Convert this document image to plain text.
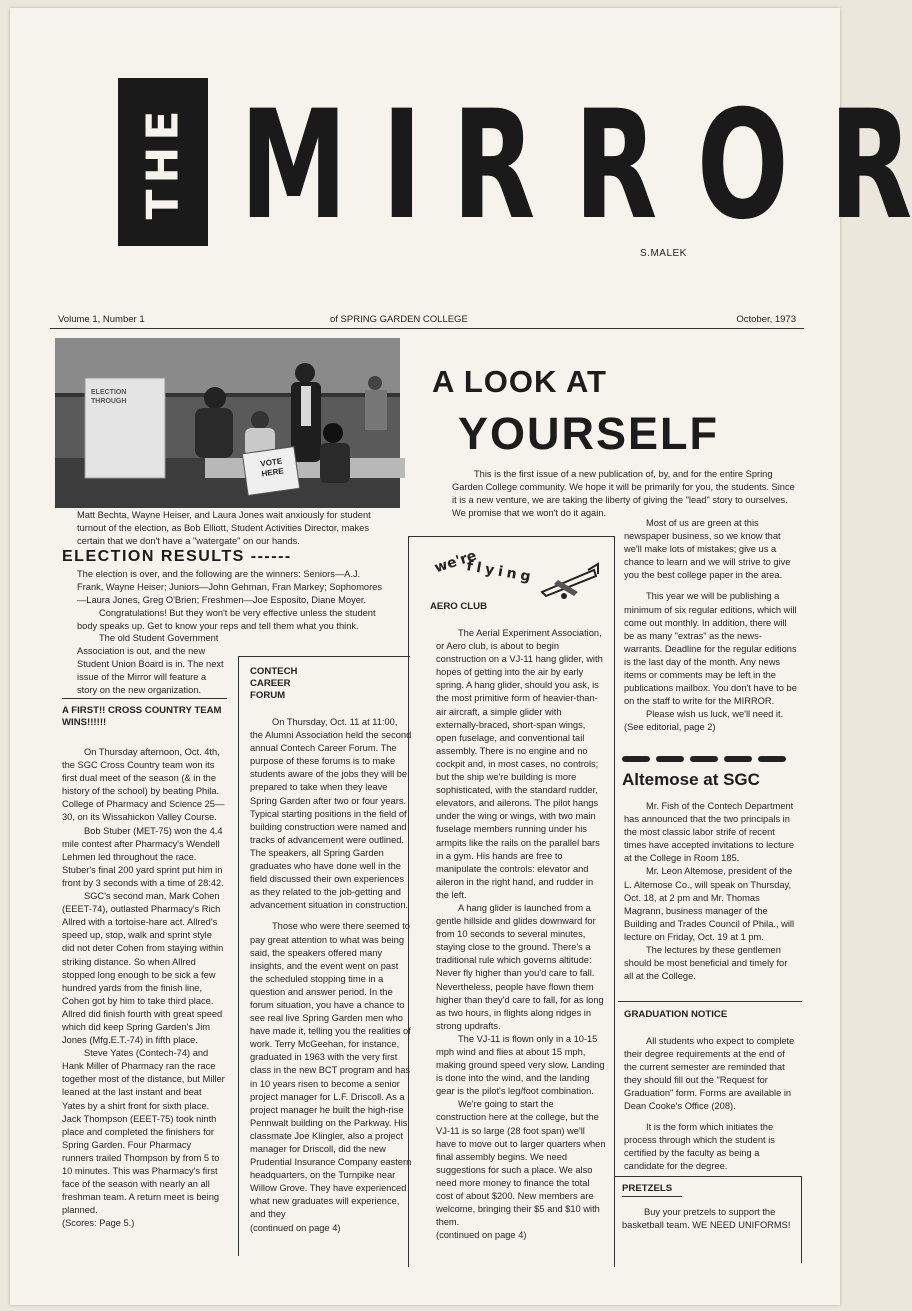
THE M I R R O R
S.MALEK
Volume 1, Number 1	of SPRING GARDEN COLLEGE	October, 1973
ELECTION THROUGH
VOTE HERE
Matt Bechta, Wayne Heiser, and Laura Jones wait anxiously for student turnout of the election, as Bob Elliott, Student Activities Director, makes certain that we don't have a "watergate" on our hands.
ELECTION RESULTS ------

The election is over, and the following are the winners: Seniors—A.J. Frank, Wayne Heiser; Juniors—John Gehman, Fran Markey; Sophomores—Laura Jones, Greg O'Brien; Freshmen—Joe Esposito, Diane Moyer.

Congratulations! But they won't be very effective unless the student body speaks up. Get to know your reps and tell them what you think.

The old Student Government Association is out, and the new Student Union Board is in. The next issue of the Mirror will feature a story on the new organization.

A FIRST!! CROSS COUNTRY TEAM WINS!!!!!!

On Thursday afternoon, Oct. 4th, the SGC Cross Country team won its first dual meet of the season (& in the history of the school) by beating Phila. College of Pharmacy and Science 25—30, on its Wissahickon Valley Course.

Bob Stuber (MET-75) won the 4.4 mile contest after Pharmacy's Wendell Lehmen led throughout the race. Stuber's final 200 yard sprint put him in front by 3 seconds with a time of 28:42.

SGC's second man, Mark Cohen (EEET-74), outlasted Pharmacy's Rich Allred with a tortoise-hare act. Allred's speed up, stop, walk and sprint style did not deter Cohen from staying within striking distance. So when Allred stopped long enough to be sick a few hundred yards from the finish line, Cohen got by him to take third place. Allred did finish fourth with great speed which did keep Spring Garden's Jim Jones (Mfg.E.T.-74) in fifth place.

Steve Yates (Contech-74) and Hank Miller of Pharmacy ran the race together most of the distance, but Miller leaned at the last instant and beat Yates by a shirt front for sixth place. Jack Thompson (EEET-75) took ninth place and completed the finishers for Spring Garden. Four Pharmacy runners trailed Thompson by from 5 to 10 minutes. This was Pharmacy's first face of the season with nearly an all freshman team. A return meet is being planned.

(Scores: Page 5.)

CONTECH CAREER FORUM

On Thursday, Oct. 11 at 11:00, the Alumni Association held the second annual Contech Career Forum. The purpose of these forums is to make students aware of the jobs they will be prepared to take when they leave Spring Garden after two or four years. Typical starting positions in the field of building construction were named and tracks of advancement were outlined. The speakers, all Spring Garden graduates who have done well in the field discussed their own experiences as they related to the job-getting and advancement situation in construction.

Those who were there seemed to pay great attention to what was being said, the speakers offered many insights, and the event went on past the scheduled stopping time in a question and answer period. In the forum situation, you have a chance to see real live Spring Garden men who have made it, telling you the realities of work. Terry McGeehan, for instance, graduated in 1963 with the very first class in the new BCT program and has in 10 years risen to become a senior project manager for L.F. Driscoll. As a project manager he built the high-rise Pennwalt building on the Parkway. His classmate Joe Klingler, also a project manager for Driscoll, did the new Prudential Insurance Company eastern headquarters, on the Turnpike near Willow Grove. They have experienced what new graduates will experience, and they

(continued on page 4)

A LOOK AT
YOURSELF

This is the first issue of a new publication of, by, and for the entire Spring Garden College community. We hope it will be primarily for you, the students. Since it is a new venture, we are taking the liberty of giving the "lead" story to ourselves. We promise that we won't do it again.

Most of us are green at this newspaper business, so we know that we'll make lots of mistakes; give us a chance to learn and we will strive to give you the best college paper in the area.

This year we will be publishing a minimum of six regular editions, which will come out monthly. In addition, there will be as many "extras" as the news-warrants. Deadline for the regular editions is the last day of the month. Any news items or comments may be left in the publications mailbox. You don't have to be on the staff to write for the MIRROR.

Please wish us luck, we'll need it.

(See editorial, page 2)

we're
flying
AERO CLUB

The Aerial Experiment Association, or Aero club, is about to begin construction on a VJ-11 hang glider, with hopes of getting into the air by early spring. A hang glider, should you ask, is the most primitive form of heavier-than-air aircraft, a simple glider with externally-braced, short-span wings, open fuselage, and conventional tail assembly. There is no engine and no cockpit and, in most cases, no controls; but the ship we're building is more sophisticated, with the standard rudder, elevators, and ailerons. The pilot hangs under the wing or wings, with two main fuselage members running under his armpits like the rails on the parallel bars in a gym. His hands are free to manipulate the controls: elevator and aileron in the right hand, and rudder in the left.

A hang glider is launched from a gentle hillside and glides downward for from 10 seconds to several minutes, staying close to the ground. There's a traditional rule which governs altitude: Never fly higher than you'd care to fall. Nevertheless, people have flown them higher than they'd care to fall, for as long as two hours, in flights along ridges in strong updrafts.

The VJ-11 is flown only in a 10-15 mph wind and flies at about 15 mph, making ground speed very slow. Landing is done into the wind, and the landing gear is the pilot's leg/foot combination.

We're going to start the construction here at the college, but the VJ-11 is so large (28 foot span) we'll have to move out to larger quarters when final assembly begins. We need suggestions for such a place. We also need more money to finance the total cost of about $200. New members are welcome, bringing their $5 and $10 with them.

(continued on page 4)

Altemose at SGC

Mr. Fish of the Contech Department has announced that the two principals in the most classic labor strife of recent times have accepted invitations to lecture at the College in Room 185.

Mr. Leon Altemose, president of the L. Altemose Co., will speak on Thursday, Oct. 18, at 2 pm and Mr. Thomas Magrann, business manager of the Building and Trades Council of Phila., will lecture on Friday, Oct. 19 at 1 pm.

The lectures by these gentlemen should be most beneficial and timely for all at the College.

GRADUATION NOTICE

All students who expect to complete their degree requirements at the end of the current semester are reminded that they should fill out the "Request for Graduation" form. Forms are available in Dean Cooke's Office (208).

It is the form which initiates the process through which the student is certified by the faculty as being a candidate for the degree.

PRETZELS

Buy your pretzels to support the basketball team. WE NEED UNIFORMS!
